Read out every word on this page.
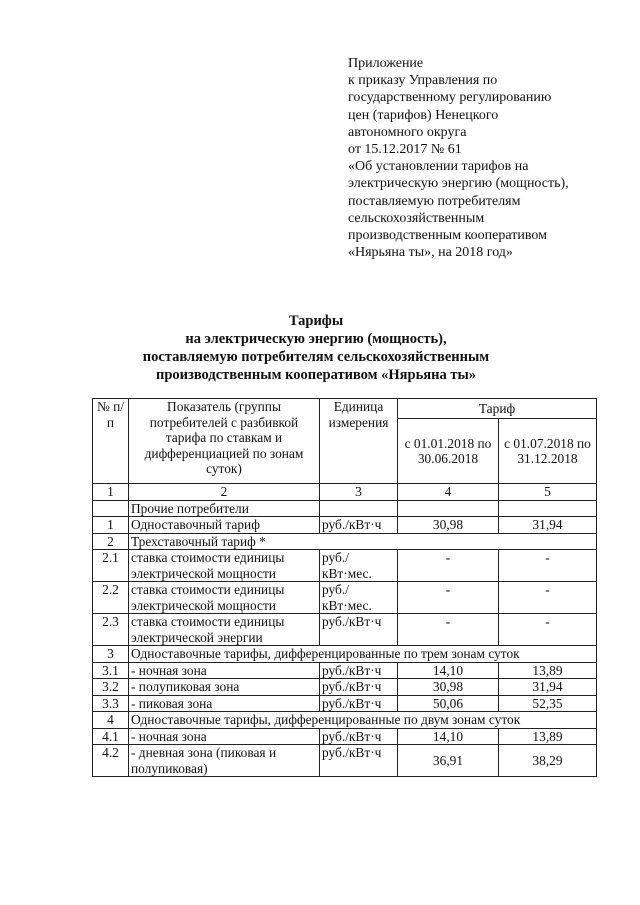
Приложение
к приказу Управления по
государственному регулированию
цен (тарифов) Ненецкого
автономного округа
от 15.12.2017 № 61
«Об установлении тарифов на
электрическую энергию (мощность),
поставляемую потребителям
сельскохозяйственным
производственным кооперативом
«Нярьяна ты», на 2018 год»
Тарифы
на электрическую энергию (мощность),
поставляемую потребителям сельскохозяйственным
производственным кооперативом «Нярьяна ты»
№ п/п	Показатель (группы потребителей с разбивкой тарифа по ставкам и дифференциацией по зонам суток)	Единица измерения	Тариф	
			с 01.01.2018 по 30.06.2018	с 01.07.2018 по 31.12.2018
1	2	3	4	5
	Прочие потребители			
1	Одноставочный тариф	руб./кВт·ч	30,98	31,94
2	Трехставочный тариф *			
2.1	ставка стоимости единицы электрической мощности	руб./кВт·мес.	-	-
2.2	ставка стоимости единицы электрической мощности	руб./кВт·мес.	-	-
2.3	ставка стоимости единицы электрической энергии	руб./кВт·ч	-	-
3	Одноставочные тарифы, дифференцированные по трем зонам суток			
3.1	- ночная зона	руб./кВт·ч	14,10	13,89
3.2	- полупиковая зона	руб./кВт·ч	30,98	31,94
3.3	- пиковая зона	руб./кВт·ч	50,06	52,35
4	Одноставочные тарифы, дифференцированные по двум зонам суток			
4.1	- ночная зона	руб./кВт·ч	14,10	13,89
4.2	- дневная зона (пиковая и полупиковая)	руб./кВт·ч	36,91	38,29
